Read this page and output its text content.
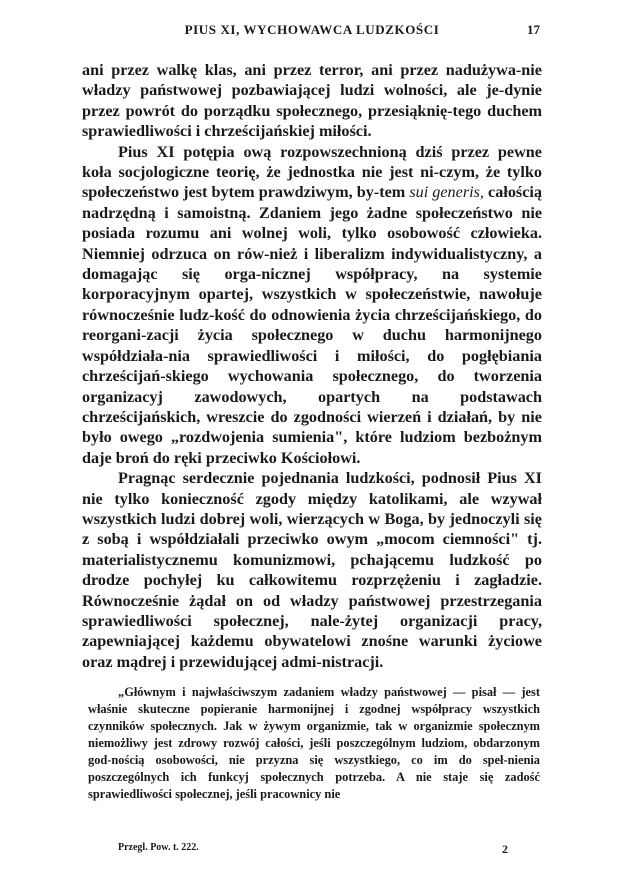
PIUS XI, WYCHOWAWCA LUDZKOŚCI	17

ani przez walkę klas, ani przez terror, ani przez nadużywa-nie władzy państwowej pozbawiającej ludzi wolności, ale je-dynie przez powrót do porządku społecznego, przesiąknię-tego duchem sprawiedliwości i chrześcijańskiej miłości.

Pius XI potępia ową rozpowszechnioną dziś przez pewne koła socjologiczne teorię, że jednostka nie jest ni-czym, że tylko społeczeństwo jest bytem prawdziwym, by-tem sui generis, całością nadrzędną i samoistną. Zdaniem jego żadne społeczeństwo nie posiada rozumu ani wolnej woli, tylko osobowość człowieka. Niemniej odrzuca on rów-nież i liberalizm indywidualistyczny, a domagając się orga-nicznej współpracy, na systemie korporacyjnym opartej, wszystkich w społeczeństwie, nawołuje równocześnie ludz-kość do odnowienia życia chrześcijańskiego, do reorgani-zacji życia społecznego w duchu harmonijnego współdziała-nia sprawiedliwości i miłości, do pogłębiania chrześcijań-skiego wychowania społecznego, do tworzenia organizacyj zawodowych, opartych na podstawach chrześcijańskich, wreszcie do zgodności wierzeń i działań, by nie było owego „rozdwojenia sumienia", które ludziom bezbożnym daje broń do ręki przeciwko Kościołowi.

Pragnąc serdecznie pojednania ludzkości, podnosił Pius XI nie tylko konieczność zgody między katolikami, ale wzywał wszystkich ludzi dobrej woli, wierzących w Boga, by jednoczyli się z sobą i współdziałali przeciwko owym „mocom ciemności" tj. materialistycznemu komunizmowi, pchającemu ludzkość po drodze pochyłej ku całkowitemu rozprzężeniu i zagładzie. Równocześnie żądał on od władzy państwowej przestrzegania sprawiedliwości społecznej, nale-żytej organizacji pracy, zapewniającej każdemu obywatelowi znośne warunki życiowe oraz mądrej i przewidującej admi-nistracji.

„Głównym i najwłaściwszym zadaniem władzy państwowej — pisał — jest właśnie skuteczne popieranie harmonijnej i zgodnej współpracy wszystkich czynników społecznych. Jak w żywym organizmie, tak w organizmie społecznym niemożliwy jest zdrowy rozwój całości, jeśli poszczególnym ludziom, obdarzonym god-nością osobowości, nie przyzna się wszystkiego, co im do speł-nienia poszczególnych ich funkcyj społecznych potrzeba. A nie staje się zadość sprawiedliwości społecznej, jeśli pracownicy nie

Przegl. Pow. t. 222.	2
